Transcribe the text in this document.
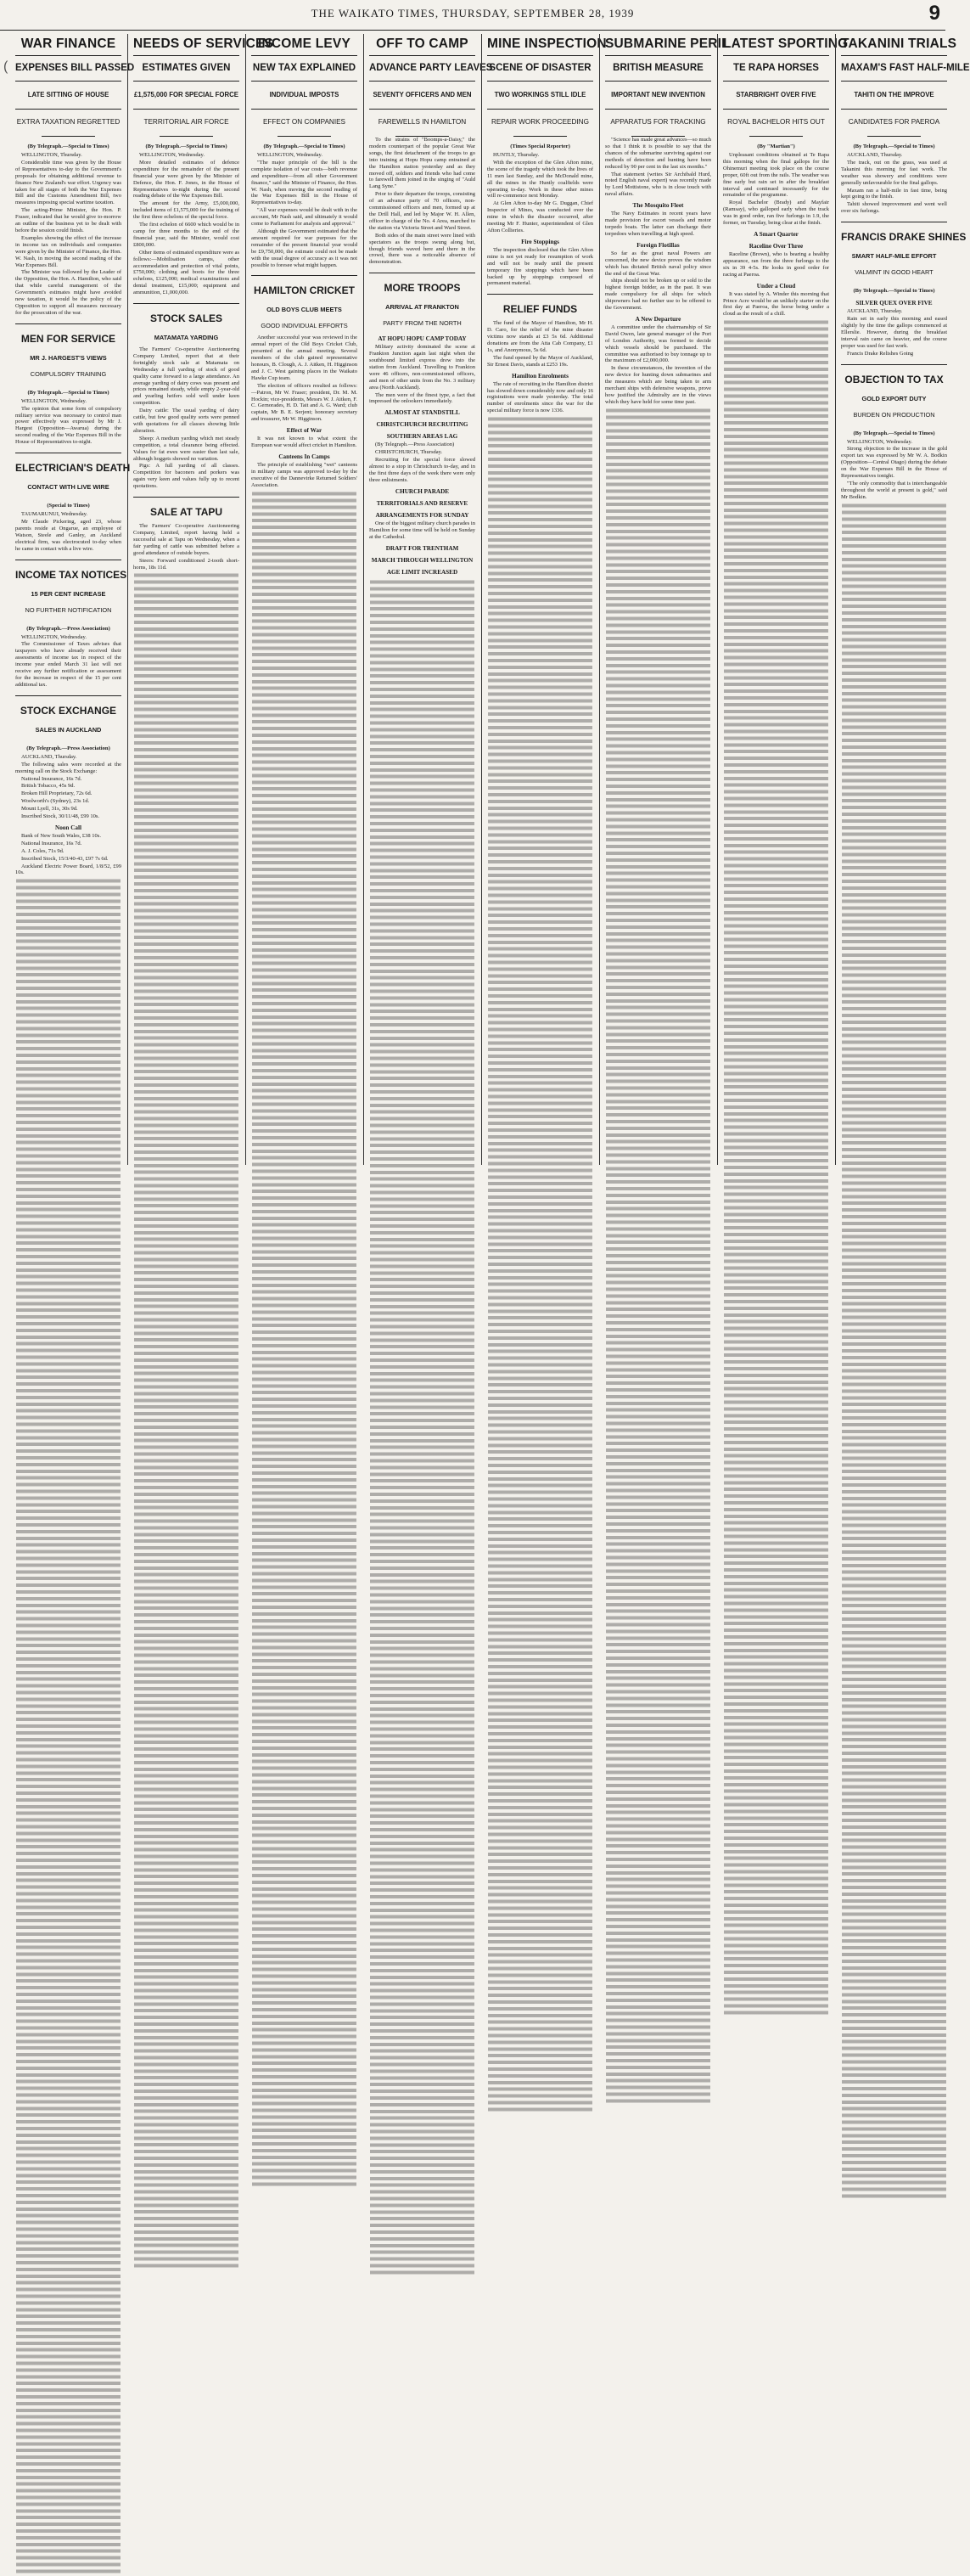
THE WAIKATO TIMES, THURSDAY, SEPTEMBER 28, 1939	9
(
WAR FINANCE
EXPENSES BILL PASSED
LATE SITTING OF HOUSE
EXTRA TAXATION REGRETTED
(By Telegraph.—Special to Times)
WELLINGTON, Thursday.
Considerable time was given by the House of Representatives to-day to the Government's proposals for obtaining additional revenue to finance New Zealand's war effort. Urgency was taken for all stages of both the War Expenses Bill and the Customs Amendment Bill, two measures imposing special wartime taxation.
The acting-Prime Minister, the Hon. P. Fraser, indicated that he would give to-morrow an outline of the business yet to be dealt with before the session could finish.
Examples showing the effect of the increase in income tax on individuals and companies were given by the Minister of Finance, the Hon. W. Nash, in moving the second reading of the War Expenses Bill.
The Minister was followed by the Leader of the Opposition, the Hon. A. Hamilton, who said that while careful management of the Government's estimates might have avoided new taxation, it would be the policy of the Opposition to support all measures necessary for the prosecution of the war.
MEN FOR SERVICE
MR J. HARGEST'S VIEWS
COMPULSORY TRAINING
(By Telegraph.—Special to Times)
WELLINGTON, Wednesday.
The opinion that some form of compulsory military service was necessary to control man power effectively was expressed by Mr J. Hargest (Opposition—Awarua) during the second reading of the War Expenses Bill in the House of Representatives to-night.
ELECTRICIAN'S DEATH
CONTACT WITH LIVE WIRE
(Special to Times)
TAUMARUNUI, Wednesday.
Mr Claude Pickering, aged 23, whose parents reside at Ongarue, an employee of Watson, Steele and Ganley, an Auckland electrical firm, was electrocuted to-day when he came in contact with a live wire.
INCOME TAX NOTICES
15 PER CENT INCREASE
NO FURTHER NOTIFICATION
(By Telegraph.—Press Association)
WELLINGTON, Wednesday.
The Commissioner of Taxes advises that taxpayers who have already received their assessments of income tax in respect of the income year ended March 31 last will not receive any further notification or assessment for the increase in respect of the 15 per cent additional tax.
STOCK EXCHANGE
SALES IN AUCKLAND
(By Telegraph.—Press Association)
AUCKLAND, Thursday.
The following sales were recorded at the morning call on the Stock Exchange:
National Insurance, 16s 7d.
British Tobacco, 45s 9d.
Broken Hill Proprietary, 72s 6d.
Woolworth's (Sydney), 23s 1d.
Mount Lyell, 31s, 30s 9d.
Inscribed Stock, 30/11/48, £99 10s.
Noon Call
Bank of New South Wales, £38 10s.
National Insurance, 16s 7d.
A. J. Coles, 71s 9d.
Inscribed Stock, 15/3/40-43, £97 7s 6d.
Auckland Electric Power Board, 1/8/52, £99 10s.
NEEDS OF SERVICES
ESTIMATES GIVEN
£1,575,000 FOR SPECIAL FORCE
TERRITORIAL AIR FORCE
(By Telegraph.—Special to Times)
WELLINGTON, Wednesday.
More detailed estimates of defence expenditure for the remainder of the present financial year were given by the Minister of Defence, the Hon. F. Jones, in the House of Representatives to-night during the second reading debate of the War Expenses Bill.
The amount for the Army, £5,000,000, included items of £1,575,000 for the training of the first three echelons of the special force.
The first echelon of 6600 which would be in camp for three months to the end of the financial year, said the Minister, would cost £800,000.
Other items of estimated expenditure were as follows:—Mobilisation camps, other accommodation and protection of vital points, £750,000; clothing and boots for the three echelons, £125,000; medical examinations and dental treatment, £15,000; equipment and ammunition, £1,000,000.
STOCK SALES
MATAMATA YARDING
The Farmers' Co-operative Auctioneering Company Limited, report that at their fortnightly stock sale at Matamata on Wednesday a full yarding of stock of good quality came forward to a large attendance. An average yarding of dairy cows was present and prices remained steady, while empty 2-year-old and yearling heifers sold well under keen competition.
Dairy cattle: The usual yarding of dairy cattle, but few good quality sorts were penned with quotations for all classes showing little alteration.
Sheep: A medium yarding which met steady competition, a total clearance being effected. Values for fat ewes were easier than last sale, although hoggets showed no variation.
Pigs: A full yarding of all classes. Competition for baconers and porkers was again very keen and values fully up to recent quotations.
SALE AT TAPU
The Farmers' Co-operative Auctioneering Company, Limited, report having held a successful sale at Tapu on Wednesday, when a fair yarding of cattle was submitted before a good attendance of outside buyers.
Steers: Forward conditioned 2-tooth short-horns, 18s 11d.
INCOME LEVY
NEW TAX EXPLAINED
INDIVIDUAL IMPOSTS
EFFECT ON COMPANIES
(By Telegraph.—Special to Times)
WELLINGTON, Wednesday.
"The major principle of the bill is the complete isolation of war costs—both revenue and expenditure—from all other Government finance," said the Minister of Finance, the Hon. W. Nash, when moving the second reading of the War Expenses Bill in the House of Representatives to-day.
"All war expenses would be dealt with in the account, Mr Nash said, and ultimately it would come to Parliament for analysis and approval."
Although the Government estimated that the amount required for war purposes for the remainder of the present financial year would be £9,750,000, the estimate could not be made with the usual degree of accuracy as it was not possible to foresee what might happen.
HAMILTON CRICKET
OLD BOYS CLUB MEETS
GOOD INDIVIDUAL EFFORTS
Another successful year was reviewed in the annual report of the Old Boys Cricket Club, presented at the annual meeting. Several members of the club gained representative honours, B. Clough, A. J. Aitken, H. Higginson and J. C. West gaining places in the Waikato Hawke Cup team.
The election of officers resulted as follows:—Patron, Mr W. Fraser; president, Dr. M. M. Hockin; vice-presidents, Messrs W. J. Aitken, F. C. Gernorades, H. D. Tait and A. G. Ward; club captain, Mr B. E. Serjent; honorary secretary and treasurer, Mr W. Higginson.
Effect of War
It was not known to what extent the European war would affect cricket in Hamilton.
Canteens In Camps
The principle of establishing "wet" canteens in military camps was approved to-day by the executive of the Dannevirke Returned Soldiers' Association.
OFF TO CAMP
ADVANCE PARTY LEAVES
SEVENTY OFFICERS AND MEN
FAREWELLS IN HAMILTON
To the strains of "Boomps-a-Daisy," the modern counterpart of the popular Great War songs, the first detachment of the troops to go into training at Hopu Hopu camp entrained at the Hamilton station yesterday and as they moved off, soldiers and friends who had come to farewell them joined in the singing of "Auld Lang Syne."
Prior to their departure the troops, consisting of an advance party of 70 officers, non-commissioned officers and men, formed up at the Drill Hall, and led by Major W. H. Allen, officer in charge of the No. 4 Area, marched to the station via Victoria Street and Ward Street.
Both sides of the main street were lined with spectators as the troops swung along but, though friends waved here and there in the crowd, there was a noticeable absence of demonstration.
MORE TROOPS
ARRIVAL AT FRANKTON
PARTY FROM THE NORTH
AT HOPU HOPU CAMP TODAY
Military activity dominated the scene at Frankton Junction again last night when the southbound limited express drew into the station from Auckland. Travelling to Frankton were 46 officers, non-commissioned officers, and men of other units from the No. 3 military area (North Auckland).
The men were of the finest type, a fact that impressed the onlookers immediately.
ALMOST AT STANDSTILL
CHRISTCHURCH RECRUITING
SOUTHERN AREAS LAG
(By Telegraph.—Press Association)
CHRISTCHURCH, Thursday.
Recruiting for the special force slowed almost to a stop in Christchurch to-day, and in the first three days of the week there were only three enlistments.
CHURCH PARADE
TERRITORIALS AND RESERVE
ARRANGEMENTS FOR SUNDAY
One of the biggest military church parades in Hamilton for some time will be held on Sunday at the Cathedral.
DRAFT FOR TRENTHAM
MARCH THROUGH WELLINGTON
AGE LIMIT INCREASED
MINE INSPECTION
SCENE OF DISASTER
TWO WORKINGS STILL IDLE
REPAIR WORK PROCEEDING
(Times Special Reporter)
HUNTLY, Thursday.
With the exception of the Glen Afton mine, the scene of the tragedy which took the lives of 11 men last Sunday, and the McDonald mine, all the mines in the Huntly coalfields were operating to-day. Work in these other mines will re-commence next Monday.
At Glen Afton to-day Mr G. Duggan, Chief Inspector of Mines, was conducted over the mine in which the disaster occurred, after meeting Mr F. Hunter, superintendent of Glen Afton Collieries.
Fire Stoppings
The inspection disclosed that the Glen Afton mine is not yet ready for resumption of work and will not be ready until the present temporary fire stoppings which have been backed up by stoppings composed of permanent material.
RELIEF FUNDS
The fund of the Mayor of Hamilton, Mr H. D. Caro, for the relief of the mine disaster victims now stands at £3 5s 6d. Additional donations are from the Atta Cab Company, £1 1s, and Anonymous, 5s 6d.
The fund opened by the Mayor of Auckland, Sir Ernest Davis, stands at £253 19s.
Hamilton Enrolments
The rate of recruiting in the Hamilton district has slowed down considerably now and only 16 registrations were made yesterday. The total number of enrolments since the war for the special military force is now 1336.
SUBMARINE PERIL
BRITISH MEASURE
IMPORTANT NEW INVENTION
APPARATUS FOR TRACKING
"Science has made great advances—so much so that I think it is possible to say that the chances of the submarine surviving against our methods of detection and hunting have been reduced by 90 per cent in the last six months."
That statement (writes Sir Archibald Hurd, noted English naval expert) was recently made by Lord Mottistone, who is in close touch with naval affairs.
The Mosquito Fleet
The Navy Estimates in recent years have made provision for escort vessels and motor torpedo boats. The latter can discharge their torpedoes when travelling at high speed.
Foreign Flotillas
So far as the great naval Powers are concerned, the new device proves the wisdom which has dictated British naval policy since the end of the Great War.
ships should not be broken up or sold to the highest foreign bidder, as in the past. It was made compulsory for all ships for which shipowners had no further use to be offered to the Government.
A New Departure
A committee under the chairmanship of Sir David Owen, late general manager of the Port of London Authority, was formed to decide which vessels should be purchased. The committee was authorised to buy tonnage up to the maximum of £2,000,000.
In these circumstances, the invention of the new device for hunting down submarines and the measures which are being taken to arm merchant ships with defensive weapons, prove how justified the Admiralty are in the views which they have held for some time past.
LATEST SPORTING
TE RAPA HORSES
STARBRIGHT OVER FIVE
ROYAL BACHELOR HITS OUT
(By "Martian")
Unpleasant conditions obtained at Te Rapa this morning when the final gallops for the Ohinemuri meeting took place on the course proper, 60ft out from the rails. The weather was fine early but rain set in after the breakfast interval and continued incessantly for the remainder of the programme.
Royal Bachelor (Brady) and Mayfair (Ramsay), who galloped early when the track was in good order, ran five furlongs in 1.9, the former, on Tuesday, being clear at the finish.
A Smart Quarter
Raceline Over Three
Raceline (Brown), who is bearing a healthy appearance, ran from the three furlongs to the six in 39 4-5s. He looks in good order for racing at Paeroa.
Under a Cloud
It was stated by A. Winder this morning that Prince Acre would be an unlikely starter on the first day at Paeroa, the horse being under a cloud as the result of a chill.
TAKANINI TRIALS
MAXAM'S FAST HALF-MILE
TAHITI ON THE IMPROVE
CANDIDATES FOR PAEROA
(By Telegraph.—Special to Times)
AUCKLAND, Thursday.
The track, out on the grass, was used at Takanini this morning for fast work. The weather was showery and conditions were generally unfavourable for the final gallops.
Maxam ran a half-mile in fast time, being kept going to the finish.
Tahiti showed improvement and went well over six furlongs.
FRANCIS DRAKE SHINES
SMART HALF-MILE EFFORT
VALMINT IN GOOD HEART
(By Telegraph.—Special to Times)
SILVER QUEX OVER FIVE
AUCKLAND, Thursday.
Rain set in early this morning and eased slightly by the time the gallops commenced at Ellerslie. However, during the breakfast interval rain came on heavier, and the course proper was used for fast work.
Francis Drake Relishes Going
OBJECTION TO TAX
GOLD EXPORT DUTY
BURDEN ON PRODUCTION
(By Telegraph.—Special to Times)
WELLINGTON, Wednesday.
Strong objection to the increase in the gold export tax was expressed by Mr W. A. Bodkin (Opposition—Central Otago) during the debate on the War Expenses Bill in the House of Representatives tonight.
"The only commodity that is interchangeable throughout the world at present is gold," said Mr Bodkin.
